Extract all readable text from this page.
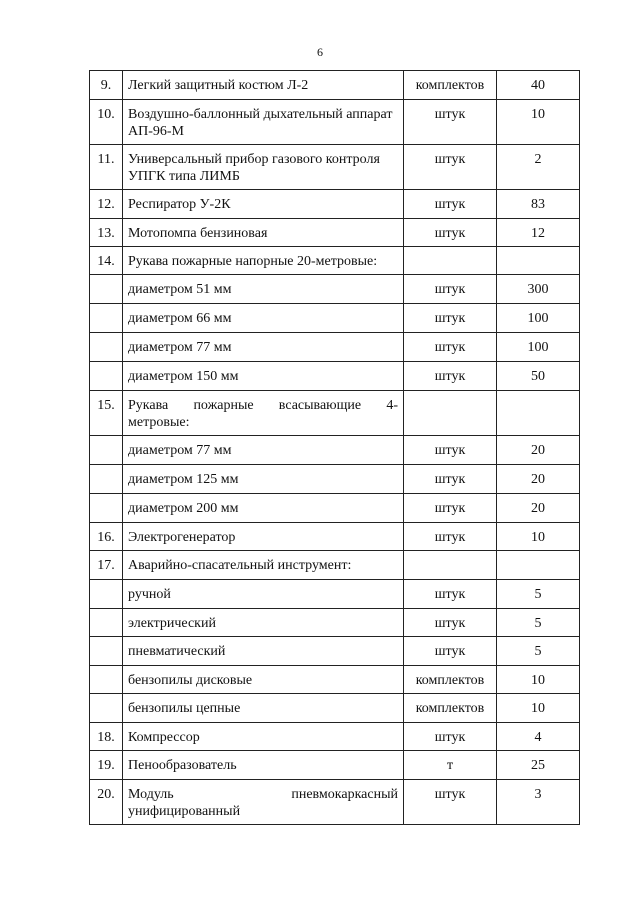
6
9.	Легкий защитный костюм Л-2	комплектов	40
10.	Воздушно-баллонный дыхательный аппарат АП-96-М	штук	10
11.	Универсальный прибор газового контроля УПГК типа ЛИМБ	штук	2
12.	Респиратор У-2К	штук	83
13.	Мотопомпа бензиновая	штук	12
14.	Рукава пожарные напорные 20-метровые:		
	диаметром 51 мм	штук	300
	диаметром 66 мм	штук	100
	диаметром 77 мм	штук	100
	диаметром 150 мм	штук	50
15.	Рукава пожарные всасывающие 4-
метровые:		

	диаметром 77 мм	штук	20
	диаметром 125 мм	штук	20
	диаметром 200 мм	штук	20
16.	Электрогенератор	штук	10
17.	Аварийно-спасательный инструмент:		
	ручной	штук	5
	электрический	штук	5
	пневматический	штук	5
	бензопилы дисковые	комплектов	10
	бензопилы цепные	комплектов	10
18.	Компрессор	штук	4
19.	Пенообразователь	т	25
20.	Модуль пневмокаркасный
унифицированный	штук	3
